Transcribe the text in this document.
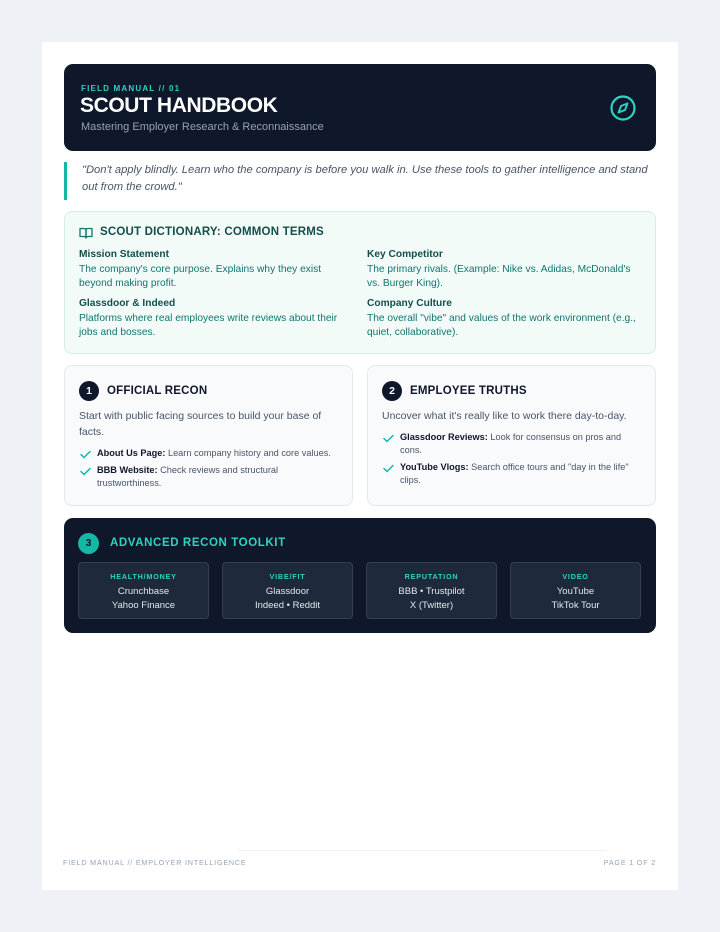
FIELD MANUAL // 01
SCOUT HANDBOOK
Mastering Employer Research & Reconnaissance
"Don't apply blindly. Learn who the company is before you walk in. Use these tools to gather intelligence and stand out from the crowd."
SCOUT DICTIONARY: COMMON TERMS
Mission Statement
The company's core purpose. Explains why they exist beyond making profit.
Key Competitor
The primary rivals. (Example: Nike vs. Adidas, McDonald's vs. Burger King).
Glassdoor & Indeed
Platforms where real employees write reviews about their jobs and bosses.
Company Culture
The overall "vibe" and values of the work environment (e.g., quiet, collaborative).
1	OFFICIAL RECON
Start with public facing sources to build your base of facts.
About Us Page: Learn company history and core values.
BBB Website: Check reviews and structural trustworthiness.
2	EMPLOYEE TRUTHS
Uncover what it's really like to work there day-to-day.
Glassdoor Reviews: Look for consensus on pros and cons.
YouTube Vlogs: Search office tours and "day in the life" clips.
3	ADVANCED RECON TOOLKIT
HEALTH/MONEY
Crunchbase
Yahoo Finance
VIBE/FIT
Glassdoor
Indeed • Reddit
REPUTATION
BBB • Trustpilot
X (Twitter)
VIDEO
YouTube
TikTok Tour
FIELD MANUAL // EMPLOYER INTELLIGENCE	PAGE 1 OF 2
